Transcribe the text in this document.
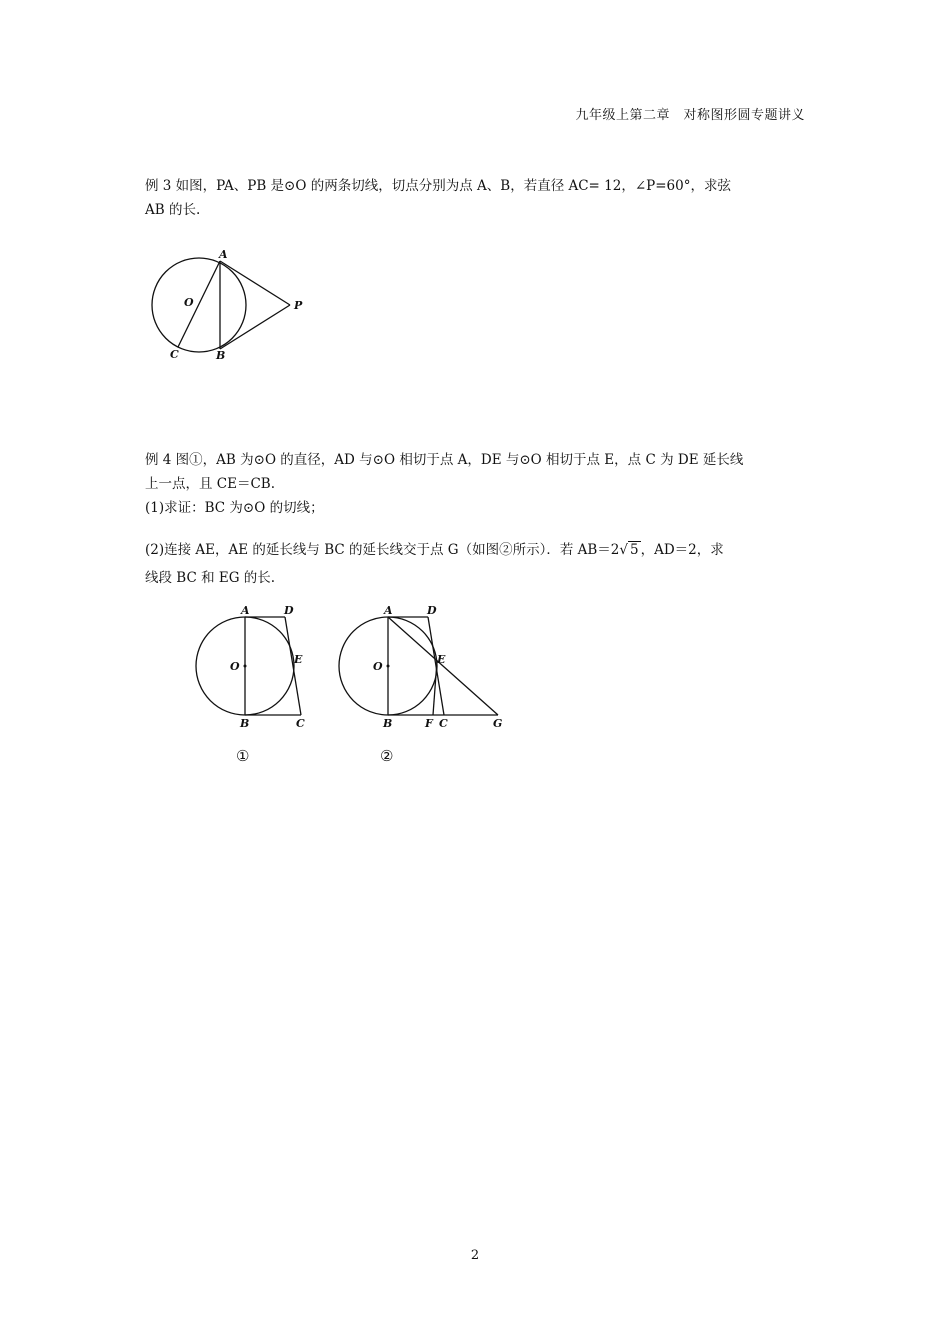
九年级上第二章　对称图形圆专题讲义
例 3 如图，PA、PB 是⊙O 的两条切线，切点分别为点 A、B，若直径 AC= 12，∠P=60°，求弦
AB 的长.
A
O	P
C	B
例 4 图①，AB 为⊙O 的直径，AD 与⊙O 相切于点 A，DE 与⊙O 相切于点 E，点 C 为 DE 延长线
上一点，且 CE＝CB.
(1)求证：BC 为⊙O 的切线；
(2)连接 AE，AE 的延长线与 BC 的延长线交于点 G（如图②所示）．若 AB＝2√ 5 ，AD＝2，求
线段 BC 和 EG 的长.
A	D
O
E
B	C
A	D
O
E
B	F C	G
①	②
2
